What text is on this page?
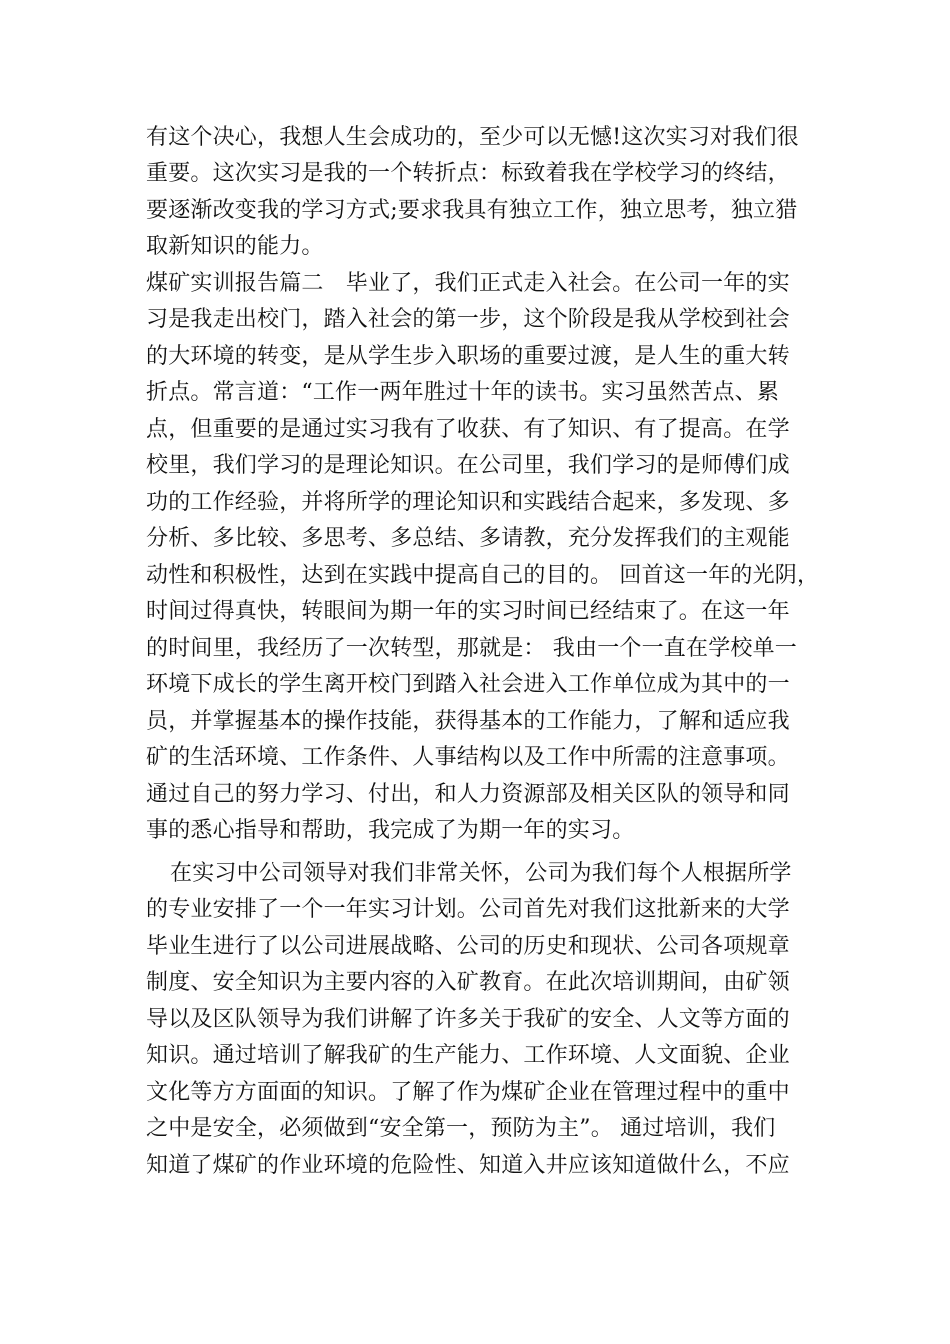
有这个决心，我想人生会成功的，至少可以无憾!这次实习对我们很
重要。这次实习是我的一个转折点：标致着我在学校学习的终结，
要逐渐改变我的学习方式;要求我具有独立工作，独立思考，独立猎
取新知识的能力。
煤矿实训报告篇二　毕业了，我们正式走入社会。在公司一年的实
习是我走出校门，踏入社会的第一步，这个阶段是我从学校到社会
的大环境的转变，是从学生步入职场的重要过渡，是人生的重大转
折点。常言道：“工作一两年胜过十年的读书。实习虽然苦点、累
点，但重要的是通过实习我有了收获、有了知识、有了提高。在学
校里，我们学习的是理论知识。在公司里，我们学习的是师傅们成
功的工作经验，并将所学的理论知识和实践结合起来，多发现、多
分析、多比较、多思考、多总结、多请教，充分发挥我们的主观能
动性和积极性，达到在实践中提高自己的目的。 回首这一年的光阴，
时间过得真快，转眼间为期一年的实习时间已经结束了。在这一年
的时间里，我经历了一次转型，那就是： 我由一个一直在学校单一
环境下成长的学生离开校门到踏入社会进入工作单位成为其中的一
员，并掌握基本的操作技能，获得基本的工作能力，了解和适应我
矿的生活环境、工作条件、人事结构以及工作中所需的注意事项。
通过自己的努力学习、付出，和人力资源部及相关区队的领导和同
事的悉心指导和帮助，我完成了为期一年的实习。
在实习中公司领导对我们非常关怀，公司为我们每个人根据所学
的专业安排了一个一年实习计划。公司首先对我们这批新来的大学
毕业生进行了以公司进展战略、公司的历史和现状、公司各项规章
制度、安全知识为主要内容的入矿教育。在此次培训期间，由矿领
导以及区队领导为我们讲解了许多关于我矿的安全、人文等方面的
知识。通过培训了解我矿的生产能力、工作环境、人文面貌、企业
文化等方方面面的知识。了解了作为煤矿企业在管理过程中的重中
之中是安全，必须做到“安全第一，预防为主”。 通过培训，我们
知道了煤矿的作业环境的危险性、知道入井应该知道做什么，不应
